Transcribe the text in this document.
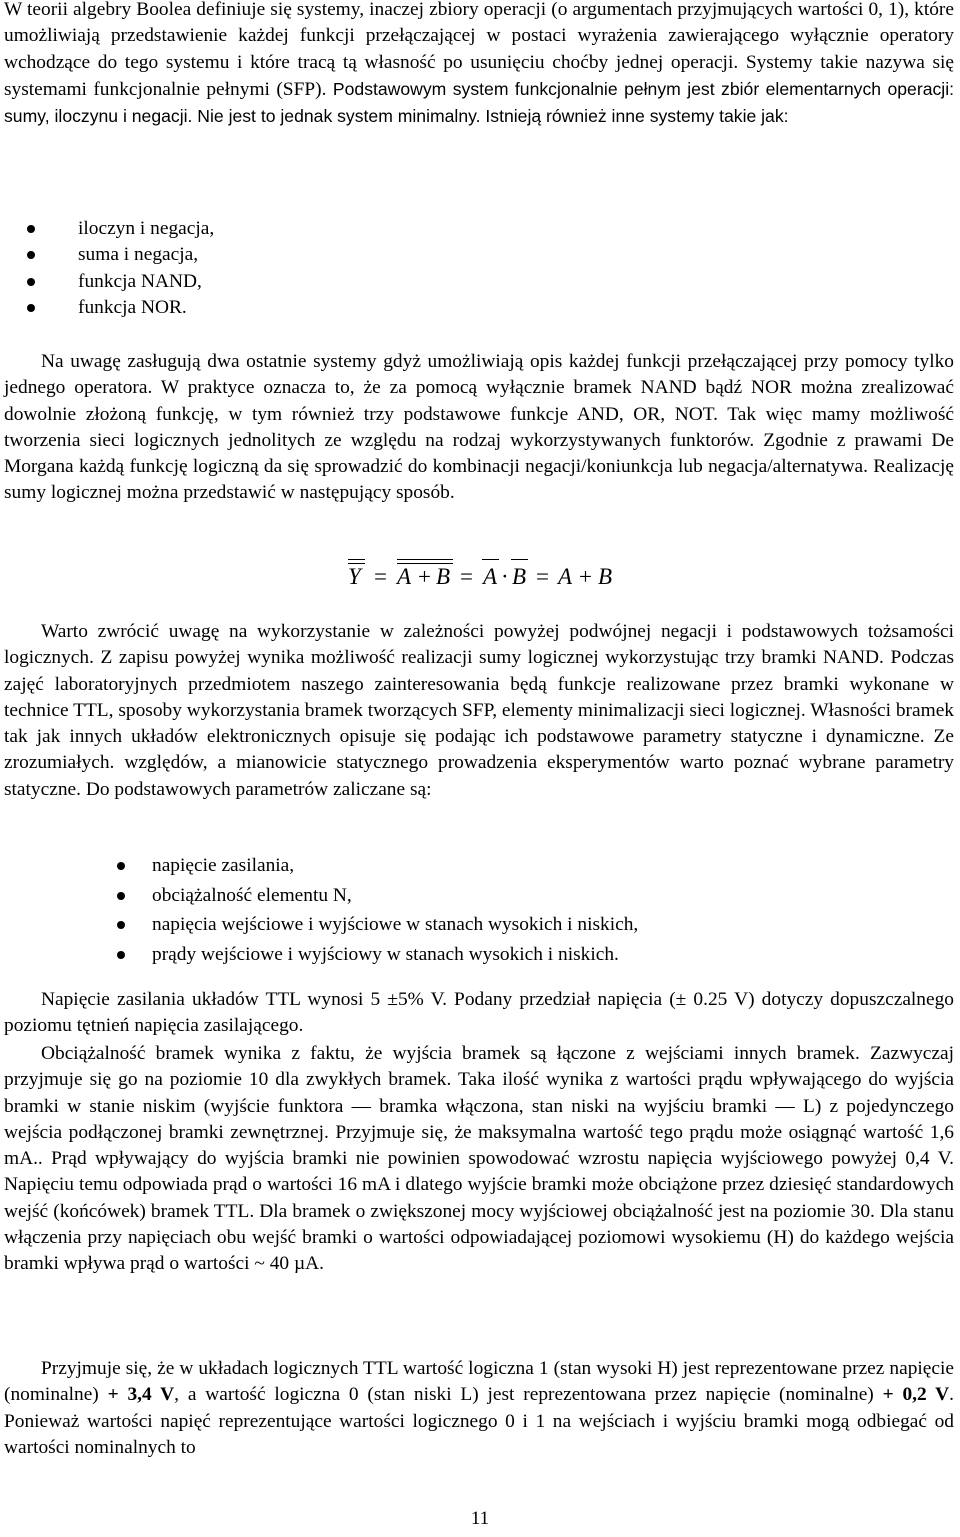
W teorii algebry Boolea definiuje się systemy, inaczej zbiory operacji (o argumentach przyjmujących wartości 0, 1), które umożliwiają przedstawienie każdej funkcji przełączającej w postaci wyrażenia zawierającego wyłącznie operatory wchodzące do tego systemu i które tracą tą własność po usunięciu choćby jednej operacji. Systemy takie nazywa się systemami funkcjonalnie pełnymi (SFP). Podstawowym system funkcjonalnie pełnym jest zbiór elementarnych operacji: sumy, iloczynu i negacji. Nie jest to jednak system minimalny. Istnieją również inne systemy takie jak:

iloczyn i negacja,
suma i negacja,
funkcja NAND,
funkcja NOR.

Na uwagę zasługują dwa ostatnie systemy gdyż umożliwiają opis każdej funkcji przełączającej przy pomocy tylko jednego operatora. W praktyce oznacza to, że za pomocą wyłącznie bramek NAND bądź NOR można zrealizować dowolnie złożoną funkcję, w tym również trzy podstawowe funkcje AND, OR, NOT. Tak więc mamy możliwość tworzenia sieci logicznych jednolitych ze względu na rodzaj wykorzystywanych funktorów. Zgodnie z prawami De Morgana każdą funkcję logiczną da się sprowadzić do kombinacji negacji/koniunkcja lub negacja/alternatywa. Realizację sumy logicznej można przedstawić w następujący sposób.

Y = A + B = A · B = A + B

Warto zwrócić uwagę na wykorzystanie w zależności powyżej podwójnej negacji i podstawowych tożsamości logicznych. Z zapisu powyżej wynika możliwość realizacji sumy logicznej wykorzystując trzy bramki NAND. Podczas zajęć laboratoryjnych przedmiotem naszego zainteresowania będą funkcje realizowane przez bramki wykonane w technice TTL, sposoby wykorzystania bramek tworzących SFP, elementy minimalizacji sieci logicznej. Własności bramek tak jak innych układów elektronicznych opisuje się podając ich podstawowe parametry statyczne i dynamiczne. Ze zrozumiałych. względów, a mianowicie statycznego prowadzenia eksperymentów warto poznać wybrane parametry statyczne. Do podstawowych parametrów zaliczane są:

napięcie zasilania,
obciążalność elementu N,
napięcia wejściowe i wyjściowe w stanach wysokich i niskich,
prądy wejściowe i wyjściowy w stanach wysokich i niskich.

Napięcie zasilania układów TTL wynosi 5 ±5% V. Podany przedział napięcia (± 0.25 V) dotyczy dopuszczalnego poziomu tętnień napięcia zasilającego.

Obciążalność bramek wynika z faktu, że wyjścia bramek są łączone z wejściami innych bramek. Zazwyczaj przyjmuje się go na poziomie 10 dla zwykłych bramek. Taka ilość wynika z wartości prądu wpływającego do wyjścia bramki w stanie niskim (wyjście funktora — bramka włączona, stan niski na wyjściu bramki — L) z pojedynczego wejścia podłączonej bramki zewnętrznej. Przyjmuje się, że maksymalna wartość tego prądu może osiągnąć wartość 1,6 mA.. Prąd wpływający do wyjścia bramki nie powinien spowodować wzrostu napięcia wyjściowego powyżej 0,4 V. Napięciu temu odpowiada prąd o wartości 16 mA i dlatego wyjście bramki może obciążone przez dziesięć standardowych wejść (końcówek) bramek TTL. Dla bramek o zwiększonej mocy wyjściowej obciążalność jest na poziomie 30. Dla stanu włączenia przy napięciach obu wejść bramki o wartości odpowiadającej poziomowi wysokiemu (H) do każdego wejścia bramki wpływa prąd o wartości ~ 40 µA.

Przyjmuje się, że w układach logicznych TTL wartość logiczna 1 (stan wysoki H) jest reprezentowane przez napięcie (nominalne) + 3,4 V, a wartość logiczna 0 (stan niski L) jest reprezentowana przez napięcie (nominalne) + 0,2 V. Ponieważ wartości napięć reprezentujące wartości logicznego 0 i 1 na wejściach i wyjściu bramki mogą odbiegać od wartości nominalnych to

11
